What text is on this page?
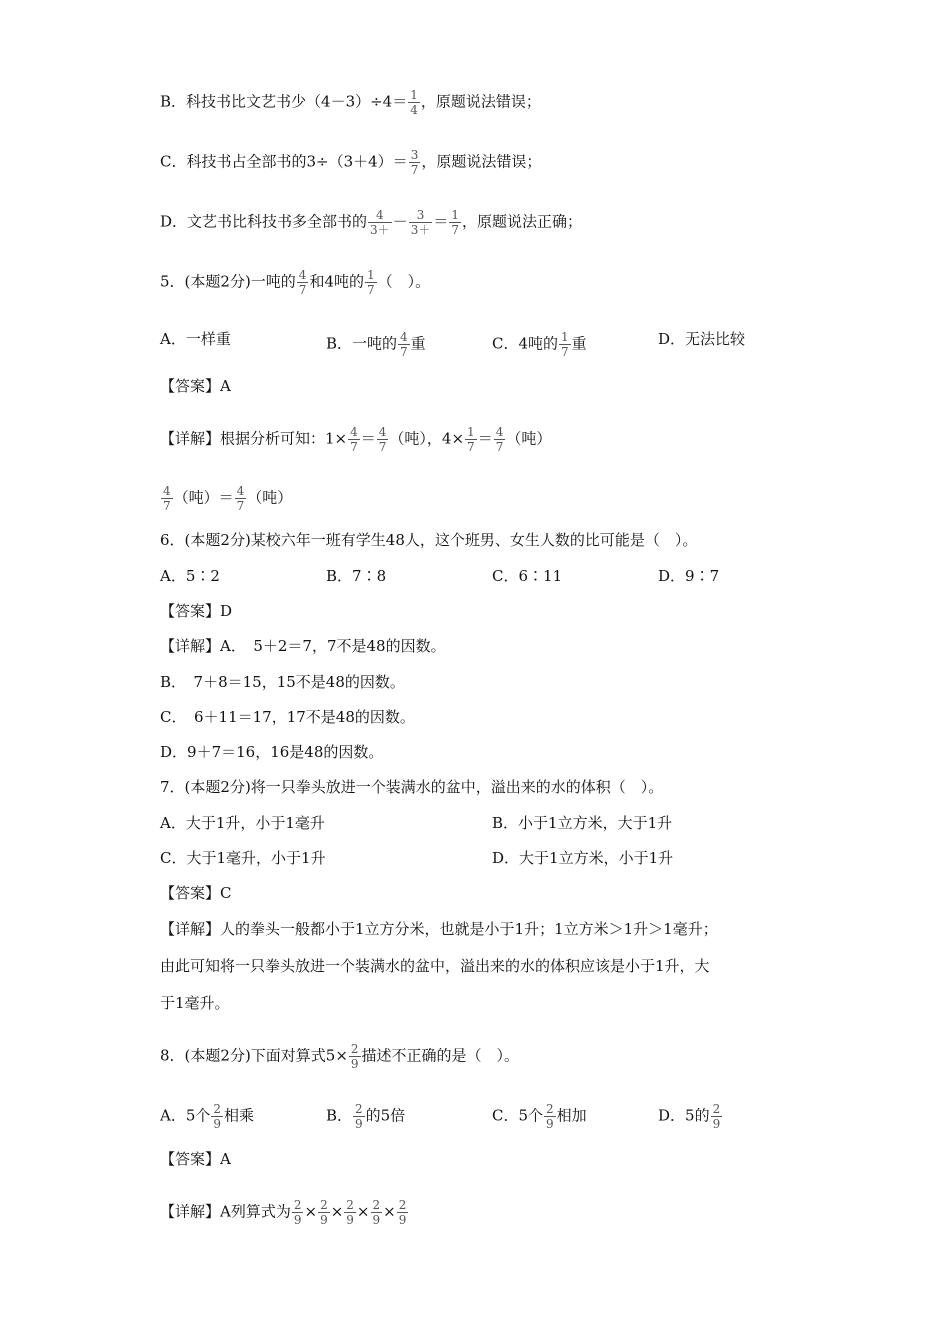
B．科技书比文艺书少$(4-3)\div 4= \frac{1}{4}$ ，原题说法错误；
C．科技书占全部书的$3\div(3+4)= \frac{3}{7}$ ，原题说法错误；
D．文艺书比科技书多全部书的 $\frac{4}{3+} - \frac{3}{3+} = \frac{1}{7}$ ，原题说法正确；
5．(本题2分)一吨的 $\frac{4}{7}$ 和4吨的 $\frac{1}{7}$ （　）。
A．一样重	B．一吨的 $\frac{4}{7}$ 重	C．4吨的 $\frac{1}{7}$ 重	D．无法比较
【答案】A
【详解】根据分析可知：$1\times \frac{4}{7} = \frac{4}{7}$ （吨），$4\times \frac{1}{7} = \frac{4}{7}$ （吨）
$\frac{4}{7}$ （吨）＝ $\frac{4}{7}$ （吨）
6．(本题2分)某校六年一班有学生48人，这个班男、女生人数的比可能是（　）。
A．5∶2	B．7∶8	C．6∶11	D．9∶7
【答案】D
【详解】A．　5＋2＝7，7不是48的因数。
B．　7＋8＝15，15不是48的因数。
C．　6＋11＝17，17不是48的因数。
D．9＋7＝16，16是48的因数。
7．(本题2分)将一只拳头放进一个装满水的盆中，溢出来的水的体积（　）。
A．大于1升，小于1毫升	B．小于1立方米，大于1升
C．大于1毫升，小于1升	D．大于1立方米，小于1升
【答案】C
【详解】人的拳头一般都小于1立方分米，也就是小于1升；1立方米＞1升＞1毫升；
由此可知将一只拳头放进一个装满水的盆中，溢出来的水的体积应该是小于1升，大
于1毫升。
8．(本题2分)下面对算式$5\times \frac{2}{9}$ 描述不正确的是（　）。
A．5个 $\frac{2}{9}$ 相乘	B． $\frac{2}{9}$ 的5倍	C．5个 $\frac{2}{9}$ 相加	D．5的 $\frac{2}{9}$
【答案】A
【详解】A列算式为 $\frac{2}{9} \times \frac{2}{9} \times \frac{2}{9} \times \frac{2}{9} \times \frac{2}{9}$
